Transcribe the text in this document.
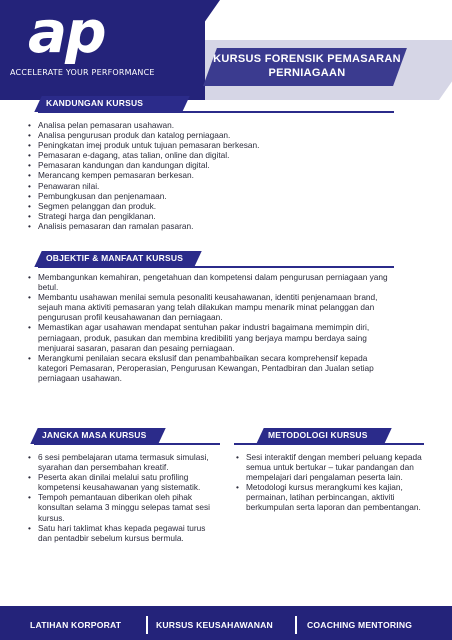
ap
ACCELERATE YOUR PERFORMANCE
KURSUS FORENSIK PEMASARAN
PERNIAGAAN
KANDUNGAN KURSUS
• Analisa pelan pemasaran usahawan.
• Analisa pengurusan produk dan katalog perniagaan.
• Peningkatan imej produk untuk tujuan pemasaran berkesan.
• Pemasaran e-dagang, atas talian, online dan digital.
• Pemasaran kandungan dan kandungan digital.
• Merancang kempen pemasaran berkesan.
• Penawaran nilai.
• Pembungkusan dan penjenamaan.
• Segmen pelanggan dan produk.
• Strategi harga dan pengiklanan.
• Analisis pemasaran dan ramalan pasaran.
OBJEKTIF & MANFAAT KURSUS
• Membangunkan kemahiran, pengetahuan dan kompetensi dalam pengurusan perniagaan yang betul.
• Membantu usahawan menilai semula pesonaliti keusahawanan, identiti penjenamaan brand, sejauh mana aktiviti pemasaran yang telah dilakukan mampu menarik minat pelanggan dan pengurusan profil keusahawanan dan perniagaan.
• Memastikan agar usahawan mendapat sentuhan pakar industri bagaimana memimpin diri, perniagaan, produk, pasukan dan membina kredibiliti yang berjaya mampu berdaya saing menjuarai sasaran, pasaran dan pesaing perniagaan.
• Merangkumi penilaian secara ekslusif dan penambahbaikan secara komprehensif kepada kategori Pemasaran, Peroperasian, Pengurusan Kewangan, Pentadbiran dan Jualan setiap perniagaan usahawan.
JANGKA MASA KURSUS
• 6 sesi pembelajaran utama termasuk simulasi, syarahan dan persembahan kreatif.
• Peserta akan dinilai melalui satu profiling kompetensi keusahawanan yang sistematik.
• Tempoh pemantauan diberikan oleh pihak konsultan selama 3 minggu selepas tamat sesi kursus.
• Satu hari taklimat khas kepada pegawai turus dan pentadbir sebelum kursus bermula.
METODOLOGI KURSUS
• Sesi interaktif dengan memberi peluang kepada semua untuk bertukar – tukar pandangan dan mempelajari dari pengalaman peserta lain.
• Metodologi kursus merangkumi kes kajian, permainan, latihan perbincangan, aktiviti berkumpulan serta laporan dan pembentangan.
LATIHAN KORPORAT	KURSUS KEUSAHAWANAN	COACHING MENTORING
